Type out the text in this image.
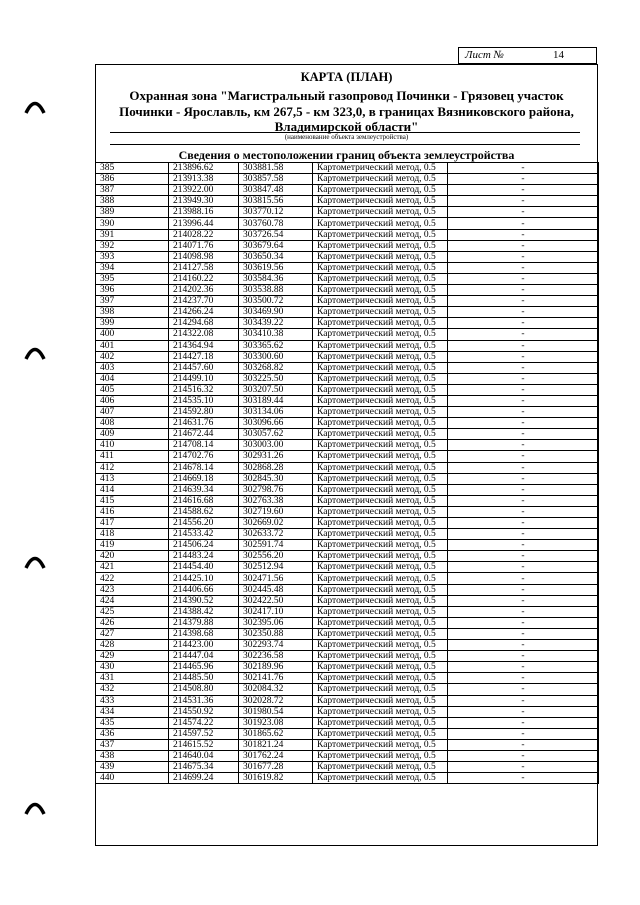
Лист №	14
КАРТА (ПЛАН)
Охранная зона "Магистральный газопровод Починки - Грязовец участок
Починки - Ярославль, км 267,5 - км 323,0, в границах Вязниковского района,
Владимирской области"
(наименование объекта землеустройства)
Сведения о местоположении границ объекта землеустройства
385	213896.62	303881.58	Картометрический метод, 0.5	-
386	213913.38	303857.58	Картометрический метод, 0.5	-
387	213922.00	303847.48	Картометрический метод, 0.5	-
388	213949.30	303815.56	Картометрический метод, 0.5	-
389	213988.16	303770.12	Картометрический метод, 0.5	-
390	213996.44	303760.78	Картометрический метод, 0.5	-
391	214028.22	303726.54	Картометрический метод, 0.5	-
392	214071.76	303679.64	Картометрический метод, 0.5	-
393	214098.98	303650.34	Картометрический метод, 0.5	-
394	214127.58	303619.56	Картометрический метод, 0.5	-
395	214160.22	303584.36	Картометрический метод, 0.5	-
396	214202.36	303538.88	Картометрический метод, 0.5	-
397	214237.70	303500.72	Картометрический метод, 0.5	-
398	214266.24	303469.90	Картометрический метод, 0.5	-
399	214294.68	303439.22	Картометрический метод, 0.5	-
400	214322.08	303410.38	Картометрический метод, 0.5	-
401	214364.94	303365.62	Картометрический метод, 0.5	-
402	214427.18	303300.60	Картометрический метод, 0.5	-
403	214457.60	303268.82	Картометрический метод, 0.5	-
404	214499.10	303225.50	Картометрический метод, 0.5	-
405	214516.32	303207.50	Картометрический метод, 0.5	-
406	214535.10	303189.44	Картометрический метод, 0.5	-
407	214592.80	303134.06	Картометрический метод, 0.5	-
408	214631.76	303096.66	Картометрический метод, 0.5	-
409	214672.44	303057.62	Картометрический метод, 0.5	-
410	214708.14	303003.00	Картометрический метод, 0.5	-
411	214702.76	302931.26	Картометрический метод, 0.5	-
412	214678.14	302868.28	Картометрический метод, 0.5	-
413	214669.18	302845.30	Картометрический метод, 0.5	-
414	214639.34	302798.76	Картометрический метод, 0.5	-
415	214616.68	302763.38	Картометрический метод, 0.5	-
416	214588.62	302719.60	Картометрический метод, 0.5	-
417	214556.20	302669.02	Картометрический метод, 0.5	-
418	214533.42	302633.72	Картометрический метод, 0.5	-
419	214506.24	302591.74	Картометрический метод, 0.5	-
420	214483.24	302556.20	Картометрический метод, 0.5	-
421	214454.40	302512.94	Картометрический метод, 0.5	-
422	214425.10	302471.56	Картометрический метод, 0.5	-
423	214406.66	302445.48	Картометрический метод, 0.5	-
424	214390.52	302422.50	Картометрический метод, 0.5	-
425	214388.42	302417.10	Картометрический метод, 0.5	-
426	214379.88	302395.06	Картометрический метод, 0.5	-
427	214398.68	302350.88	Картометрический метод, 0.5	-
428	214423.00	302293.74	Картометрический метод, 0.5	-
429	214447.04	302236.58	Картометрический метод, 0.5	-
430	214465.96	302189.96	Картометрический метод, 0.5	-
431	214485.50	302141.76	Картометрический метод, 0.5	-
432	214508.80	302084.32	Картометрический метод, 0.5	-
433	214531.36	302028.72	Картометрический метод, 0.5	-
434	214550.92	301980.54	Картометрический метод, 0.5	-
435	214574.22	301923.08	Картометрический метод, 0.5	-
436	214597.52	301865.62	Картометрический метод, 0.5	-
437	214615.52	301821.24	Картометрический метод, 0.5	-
438	214640.04	301762.24	Картометрический метод, 0.5	-
439	214675.34	301677.28	Картометрический метод, 0.5	-
440	214699.24	301619.82	Картометрический метод, 0.5	-
